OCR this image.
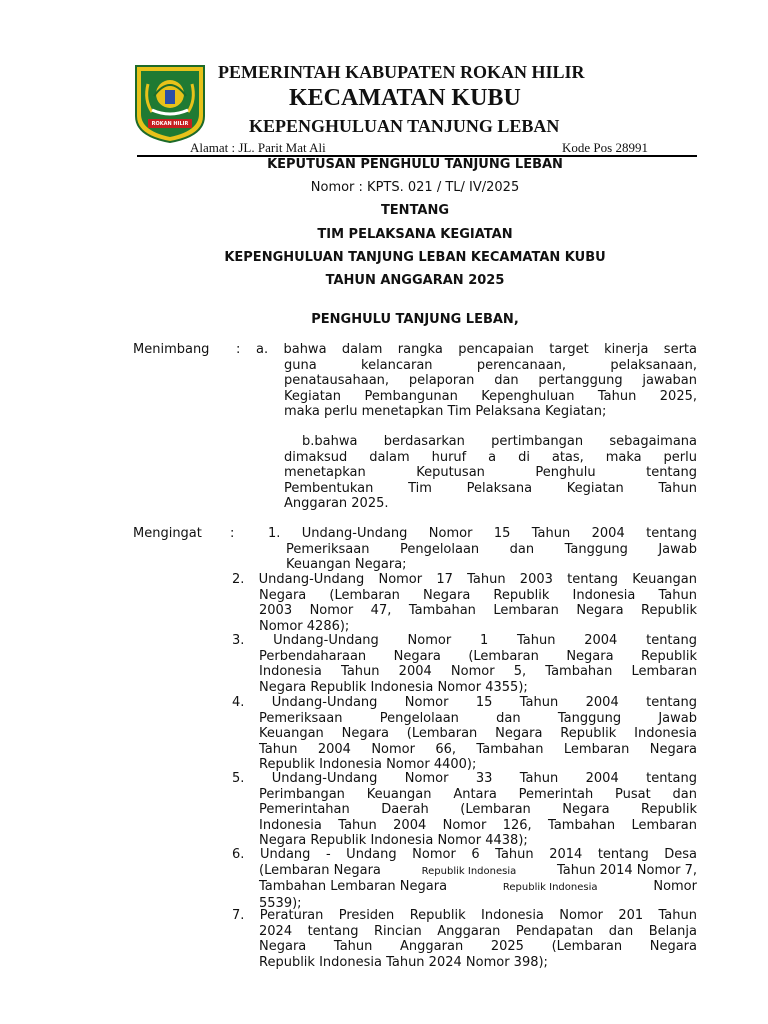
ROKAN HILIR
PEMERINTAH KABUPATEN ROKAN HILIR
KECAMATAN KUBU
KEPENGHULUAN TANJUNG LEBAN
Alamat : JL. Parit Mat Ali	Kode Pos 28991
KEPUTUSAN PENGHULU TANJUNG LEBAN
Nomor : KPTS. 021 / TL/ IV/2025
TENTANG
TIM PELAKSANA KEGIATAN
KEPENGHULUAN TANJUNG LEBAN KECAMATAN KUBU
TAHUN ANGGARAN 2025
PENGHULU TANJUNG LEBAN,
Menimbang : a. bahwa dalam rangka pencapaian target kinerja serta
guna kelancaran perencanaan, pelaksanaan,
penatausahaan, pelaporan dan pertanggung jawaban
Kegiatan Pembangunan Kepenghuluan Tahun 2025,
maka perlu menetapkan Tim Pelaksana Kegiatan;
b.bahwa berdasarkan pertimbangan sebagaimana
dimaksud dalam huruf a di atas, maka perlu
menetapkan Keputusan Penghulu tentang
Pembentukan Tim Pelaksana Kegiatan Tahun
Anggaran 2025.
Mengingat :	1. Undang-Undang Nomor 15 Tahun 2004 tentang
Pemeriksaan Pengelolaan dan Tanggung Jawab
Keuangan Negara;
2. Undang-Undang Nomor 17 Tahun 2003 tentang Keuangan
Negara (Lembaran Negara Republik Indonesia Tahun
2003 Nomor 47, Tambahan Lembaran Negara Republik
Nomor 4286);
3. Undang-Undang Nomor 1 Tahun 2004 tentang
Perbendaharaan Negara (Lembaran Negara Republik
Indonesia Tahun 2004 Nomor 5, Tambahan Lembaran
Negara Republik Indonesia Nomor 4355);
4. Undang-Undang Nomor 15 Tahun 2004 tentang
Pemeriksaan Pengelolaan dan Tanggung Jawab
Keuangan Negara (Lembaran Negara Republik Indonesia
Tahun 2004 Nomor 66, Tambahan Lembaran Negara
Republik Indonesia Nomor 4400);
5. Undang-Undang Nomor 33 Tahun 2004 tentang
Perimbangan Keuangan Antara Pemerintah Pusat dan
Pemerintahan Daerah (Lembaran Negara Republik
Indonesia Tahun 2004 Nomor 126, Tambahan Lembaran
Negara Republik Indonesia Nomor 4438);
6. Undang - Undang Nomor 6 Tahun 2014 tentang Desa
(Lembaran Negara	Republik Indonesia	Tahun 2014 Nomor 7,
Tambahan Lembaran Negara	Republik Indonesia	Nomor
5539);
7. Peraturan Presiden Republik Indonesia Nomor 201 Tahun
2024 tentang Rincian Anggaran Pendapatan dan Belanja
Negara Tahun Anggaran 2025 (Lembaran Negara
Republik Indonesia Tahun 2024 Nomor 398);
